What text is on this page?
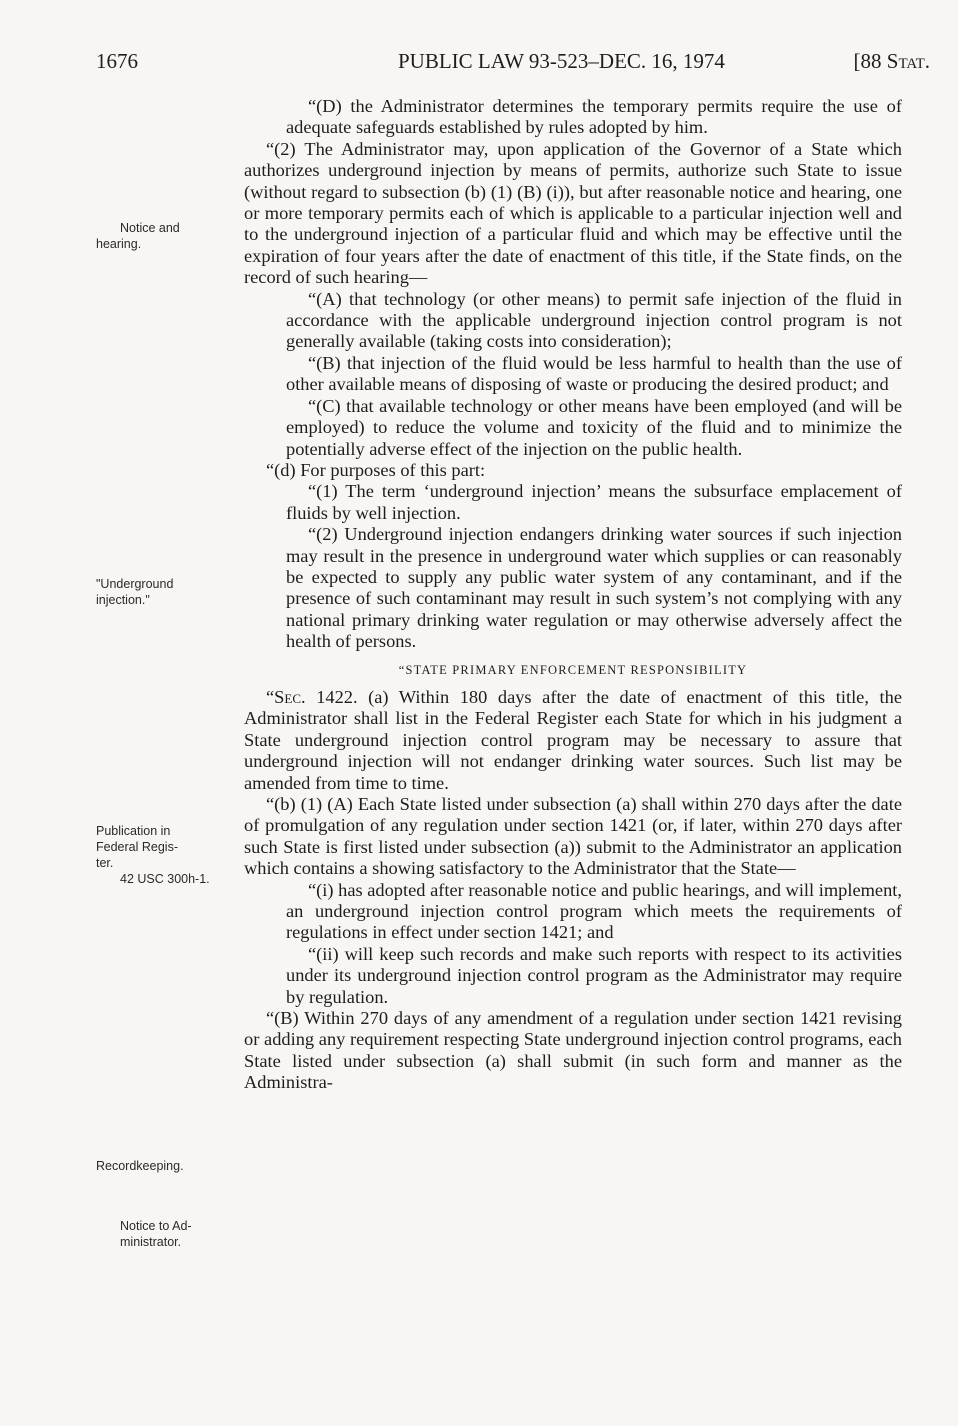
1676	PUBLIC LAW 93-523–DEC. 16, 1974	[88 Stat.
Notice and
hearing.
"Underground
injection."
Publication in
Federal Regis-
ter.
42 USC 300h-1.
Recordkeeping.
Notice to Ad-
ministrator.

“(D) the Administrator determines the temporary permits require the use of adequate safeguards established by rules adopted by him.

“(2) The Administrator may, upon application of the Governor of a State which authorizes underground injection by means of permits, authorize such State to issue (without regard to subsection (b) (1) (B) (i)), but after reasonable notice and hearing, one or more temporary permits each of which is applicable to a particular injection well and to the underground injection of a particular fluid and which may be effective until the expiration of four years after the date of enactment of this title, if the State finds, on the record of such hearing—

“(A) that technology (or other means) to permit safe injection of the fluid in accordance with the applicable underground injection control program is not generally available (taking costs into consideration);

“(B) that injection of the fluid would be less harmful to health than the use of other available means of disposing of waste or producing the desired product; and

“(C) that available technology or other means have been employed (and will be employed) to reduce the volume and toxicity of the fluid and to minimize the potentially adverse effect of the injection on the public health.

“(d) For purposes of this part:

“(1) The term ‘underground injection’ means the subsurface emplacement of fluids by well injection.

“(2) Underground injection endangers drinking water sources if such injection may result in the presence in underground water which supplies or can reasonably be expected to supply any public water system of any contaminant, and if the presence of such contaminant may result in such system’s not complying with any national primary drinking water regulation or may otherwise adversely affect the health of persons.

“STATE PRIMARY ENFORCEMENT RESPONSIBILITY

“Sec. 1422. (a) Within 180 days after the date of enactment of this title, the Administrator shall list in the Federal Register each State for which in his judgment a State underground injection control program may be necessary to assure that underground injection will not endanger drinking water sources. Such list may be amended from time to time.

“(b) (1) (A) Each State listed under subsection (a) shall within 270 days after the date of promulgation of any regulation under section 1421 (or, if later, within 270 days after such State is first listed under subsection (a)) submit to the Administrator an application which contains a showing satisfactory to the Administrator that the State—

“(i) has adopted after reasonable notice and public hearings, and will implement, an underground injection control program which meets the requirements of regulations in effect under section 1421; and

“(ii) will keep such records and make such reports with respect to its activities under its underground injection control program as the Administrator may require by regulation.

“(B) Within 270 days of any amendment of a regulation under section 1421 revising or adding any requirement respecting State underground injection control programs, each State listed under subsection (a) shall submit (in such form and manner as the Administra-
